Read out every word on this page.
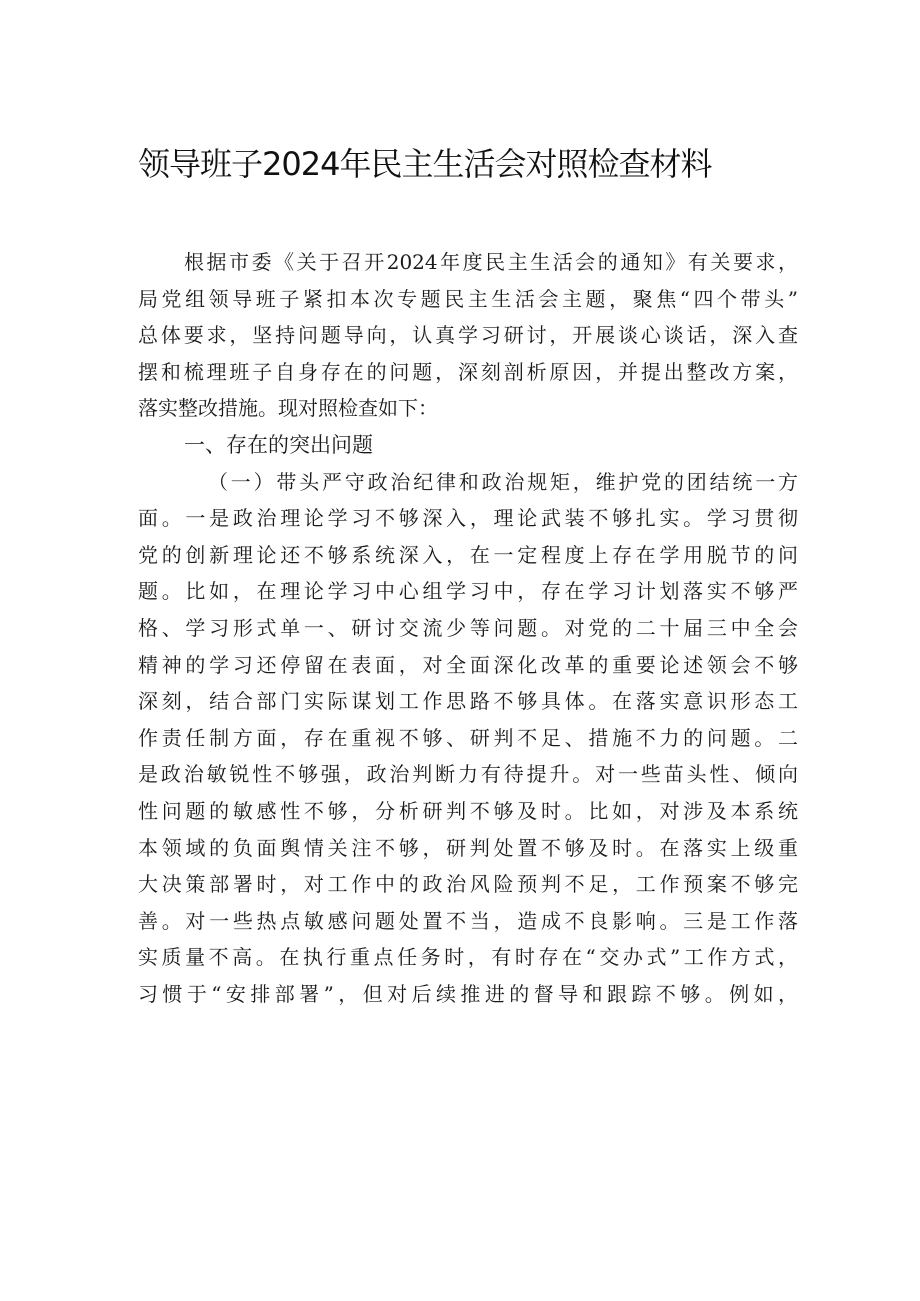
领导班子2024年民主生活会对照检查材料
根据市委《关于召开2024年度民主生活会的通知》有关要求，
局党组领导班子紧扣本次专题民主生活会主题，聚焦“四个带头”
总体要求，坚持问题导向，认真学习研讨，开展谈心谈话，深入查
摆和梳理班子自身存在的问题，深刻剖析原因，并提出整改方案，
落实整改措施。现对照检查如下：
一、存在的突出问题
（一）带头严守政治纪律和政治规矩，维护党的团结统一方
面。一是政治理论学习不够深入，理论武装不够扎实。学习贯彻
党的创新理论还不够系统深入，在一定程度上存在学用脱节的问
题。比如，在理论学习中心组学习中，存在学习计划落实不够严
格、学习形式单一、研讨交流少等问题。对党的二十届三中全会
精神的学习还停留在表面，对全面深化改革的重要论述领会不够
深刻，结合部门实际谋划工作思路不够具体。在落实意识形态工
作责任制方面，存在重视不够、研判不足、措施不力的问题。二
是政治敏锐性不够强，政治判断力有待提升。对一些苗头性、倾向
性问题的敏感性不够，分析研判不够及时。比如，对涉及本系统
本领域的负面舆情关注不够，研判处置不够及时。在落实上级重
大决策部署时，对工作中的政治风险预判不足，工作预案不够完
善。对一些热点敏感问题处置不当，造成不良影响。三是工作落
实质量不高。在执行重点任务时，有时存在“交办式”工作方式，
习惯于“安排部署”，但对后续推进的督导和跟踪不够。例如，
